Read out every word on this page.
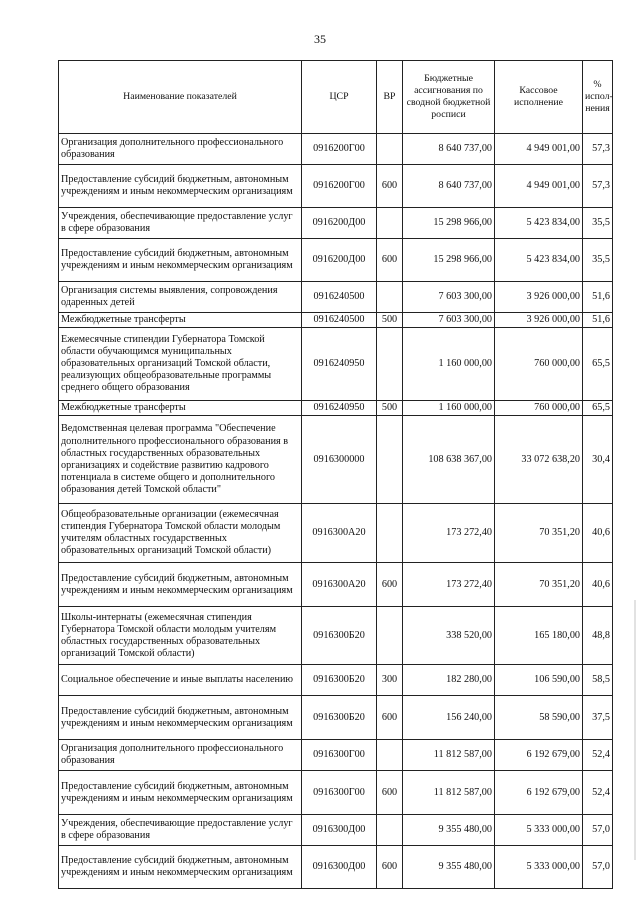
35
Наименование показателей	ЦСР	ВР	Бюджетные ассигнования по сводной бюджетной росписи	Кассовое исполнение	% испол-нения
Организация дополнительного профессионального образования	0916200Г00		8 640 737,00	4 949 001,00	57,3
Предоставление субсидий бюджетным, автономным учреждениям и иным некоммерческим организациям	0916200Г00	600	8 640 737,00	4 949 001,00	57,3
Учреждения, обеспечивающие предоставление услуг в сфере образования	0916200Д00		15 298 966,00	5 423 834,00	35,5
Предоставление субсидий бюджетным, автономным учреждениям и иным некоммерческим организациям	0916200Д00	600	15 298 966,00	5 423 834,00	35,5
Организация системы выявления, сопровождения одаренных детей	0916240500		7 603 300,00	3 926 000,00	51,6
Межбюджетные трансферты	0916240500	500	7 603 300,00	3 926 000,00	51,6
Ежемесячные стипендии Губернатора Томской области обучающимся муниципальных образовательных организаций Томской области, реализующих общеобразовательные программы среднего общего образования	0916240950		1 160 000,00	760 000,00	65,5
Межбюджетные трансферты	0916240950	500	1 160 000,00	760 000,00	65,5
Ведомственная целевая программа "Обеспечение дополнительного профессионального образования в областных государственных образовательных организациях и содействие развитию кадрового потенциала в системе общего и дополнительного образования детей Томской области"	0916300000		108 638 367,00	33 072 638,20	30,4
Общеобразовательные организации (ежемесячная стипендия Губернатора Томской области молодым учителям областных государственных образовательных организаций Томской области)	0916300А20		173 272,40	70 351,20	40,6
Предоставление субсидий бюджетным, автономным учреждениям и иным некоммерческим организациям	0916300А20	600	173 272,40	70 351,20	40,6
Школы-интернаты (ежемесячная стипендия Губернатора Томской области молодым учителям областных государственных образовательных организаций Томской области)	0916300Б20		338 520,00	165 180,00	48,8
Социальное обеспечение и иные выплаты населению	0916300Б20	300	182 280,00	106 590,00	58,5
Предоставление субсидий бюджетным, автономным учреждениям и иным некоммерческим организациям	0916300Б20	600	156 240,00	58 590,00	37,5
Организация дополнительного профессионального образования	0916300Г00		11 812 587,00	6 192 679,00	52,4
Предоставление субсидий бюджетным, автономным учреждениям и иным некоммерческим организациям	0916300Г00	600	11 812 587,00	6 192 679,00	52,4
Учреждения, обеспечивающие предоставление услуг в сфере образования	0916300Д00		9 355 480,00	5 333 000,00	57,0
Предоставление субсидий бюджетным, автономным учреждениям и иным некоммерческим организациям	0916300Д00	600	9 355 480,00	5 333 000,00	57,0
